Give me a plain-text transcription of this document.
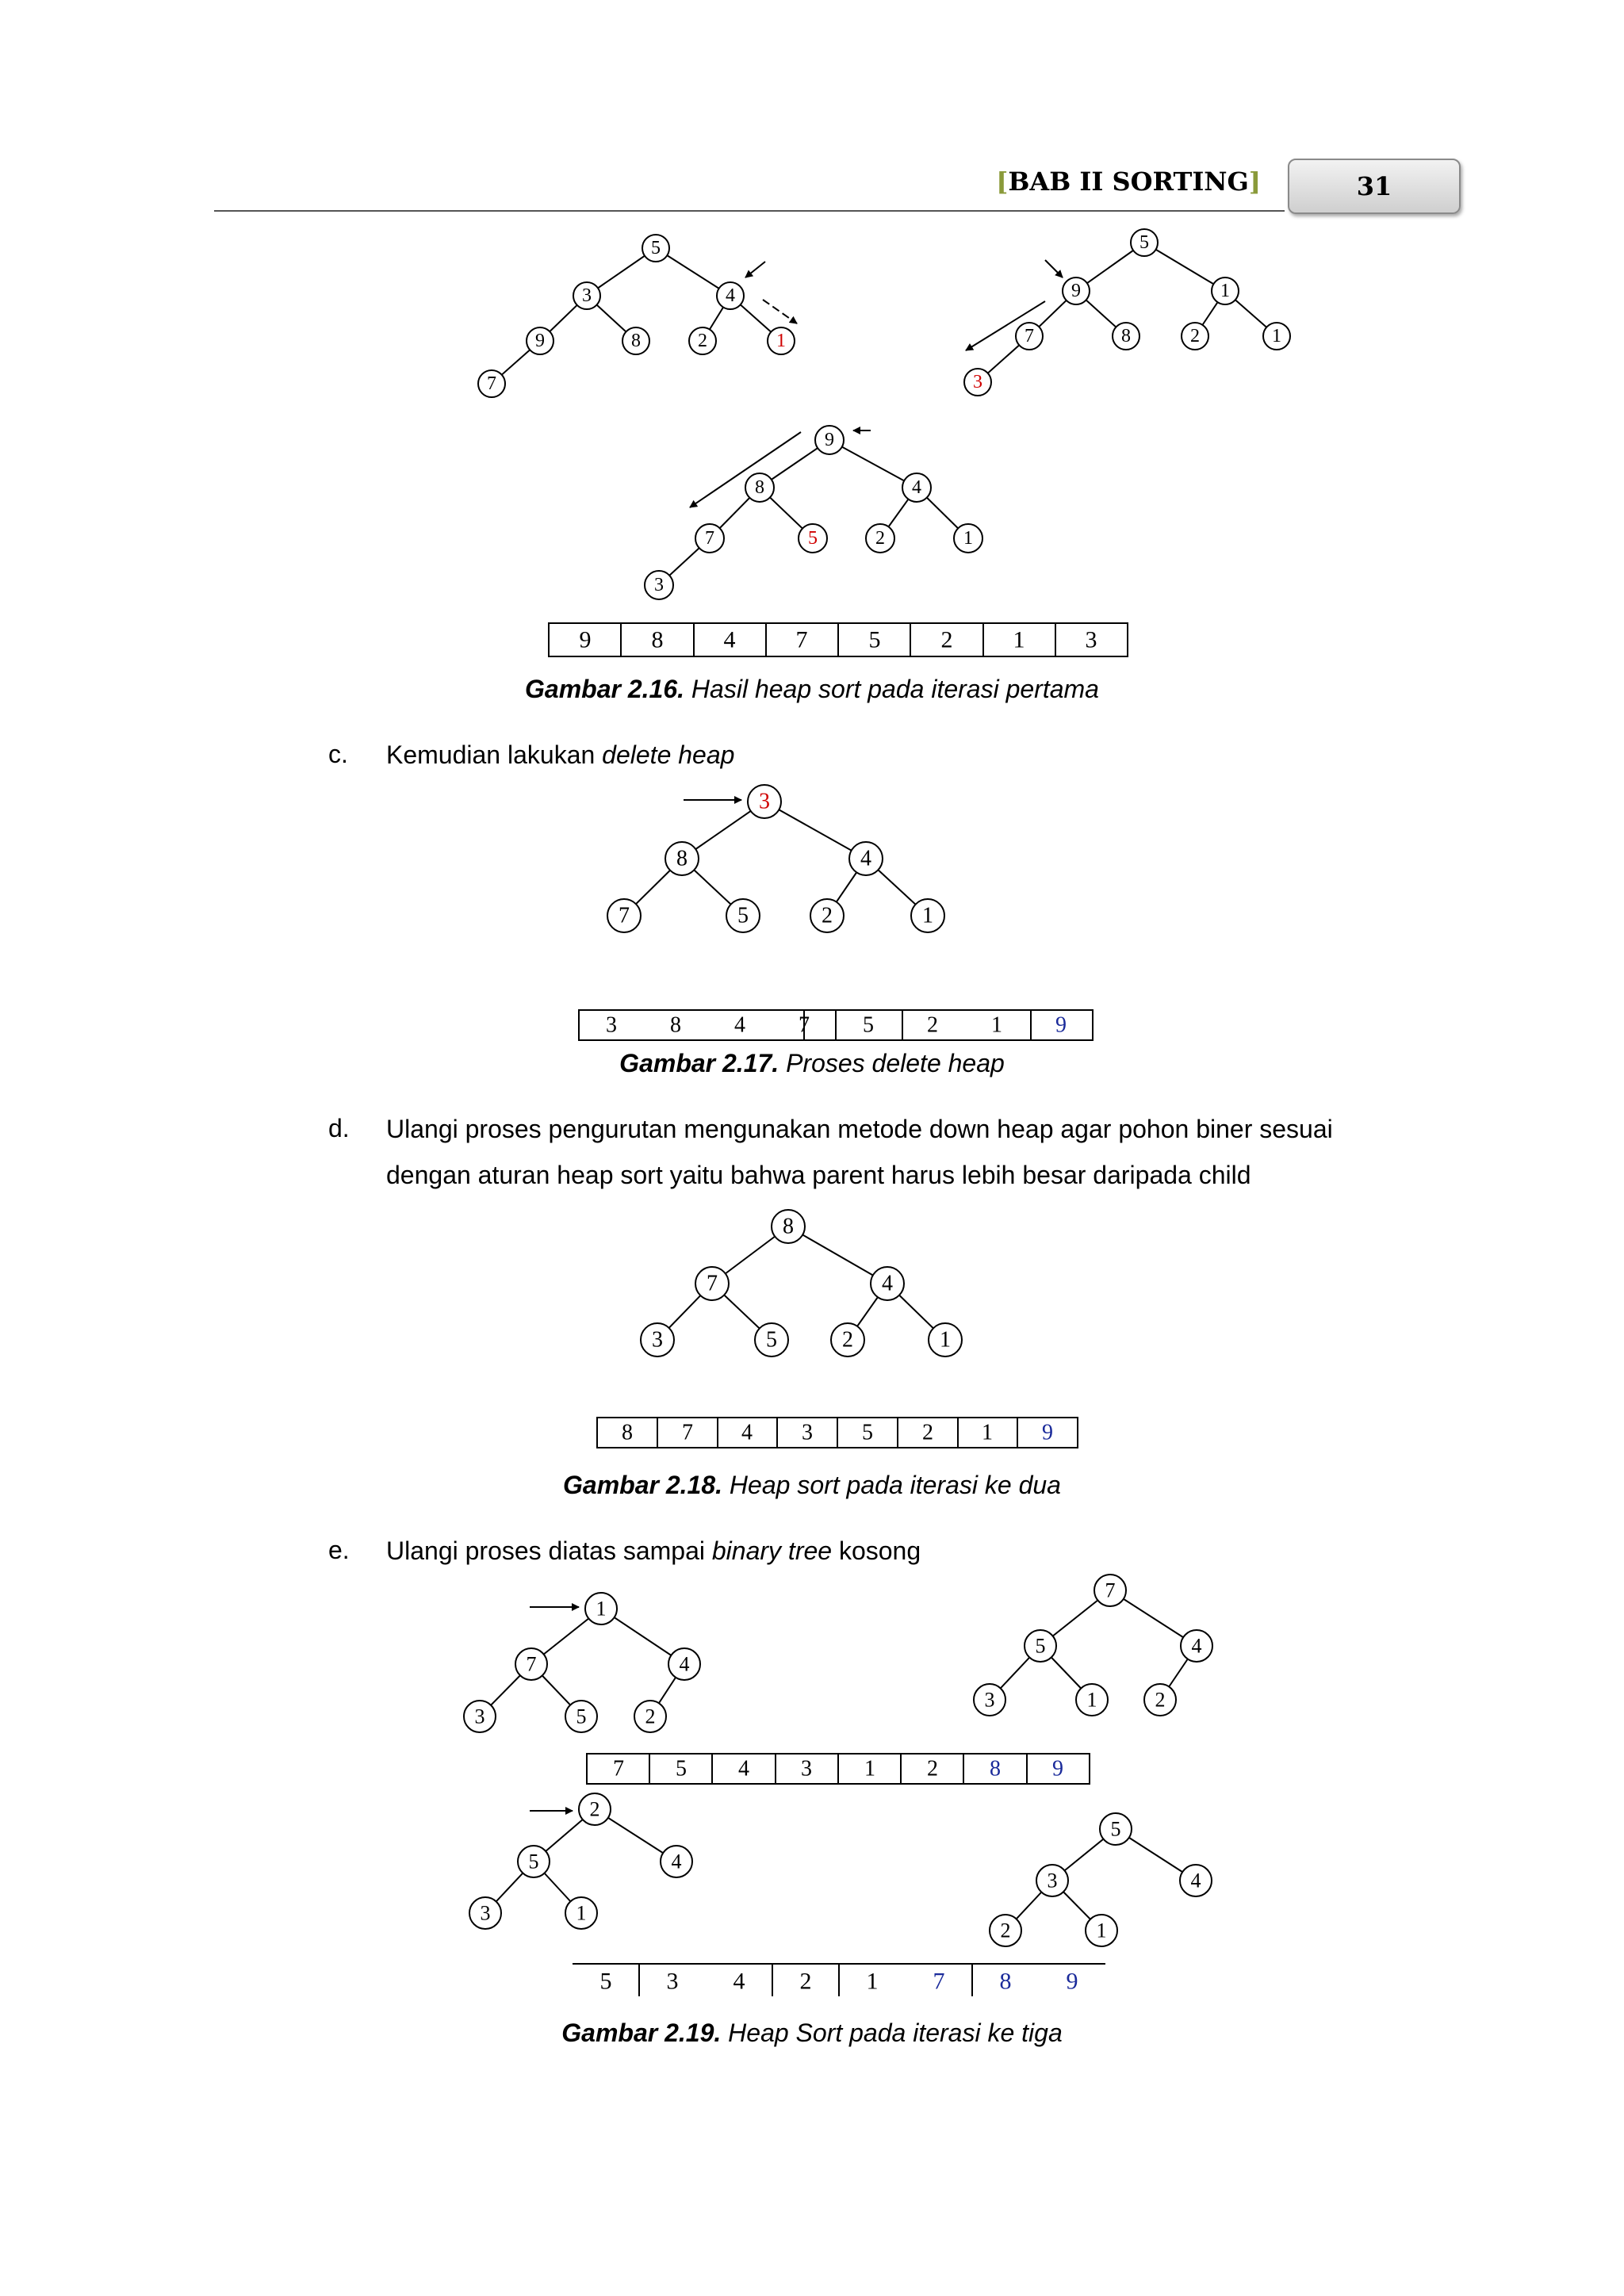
[BAB II SORTING]	31
5
3	4
9	8	2	1
7
5
9	1
7	8	2	1
3
9
8	4
7	5	2	1
3
9	8	4	7	5	2	1	3
3
8	4
7	5	2	1
3 8 4 7 5 2 1 9
8
7	4
3	5	2	1
8 7 4 3 5 2 1 9
1
7	4
3	5	2
7
5	4
3	1	2
7 5 4 3 1 2 8 9
2
5	4
3	1
5
3	4
2	1
5 3 4 2 1 7 8 9
Gambar 2.16. Hasil heap sort pada iterasi pertama
c. Kemudian lakukan delete heap
Gambar 2.17. Proses delete heap
d. Ulangi proses pengurutan mengunakan metode down heap agar pohon biner sesuai
dengan aturan heap sort yaitu bahwa parent harus lebih besar daripada child
Gambar 2.18. Heap sort pada iterasi ke dua
e. Ulangi proses diatas sampai binary tree kosong
Gambar 2.19. Heap Sort pada iterasi ke tiga
